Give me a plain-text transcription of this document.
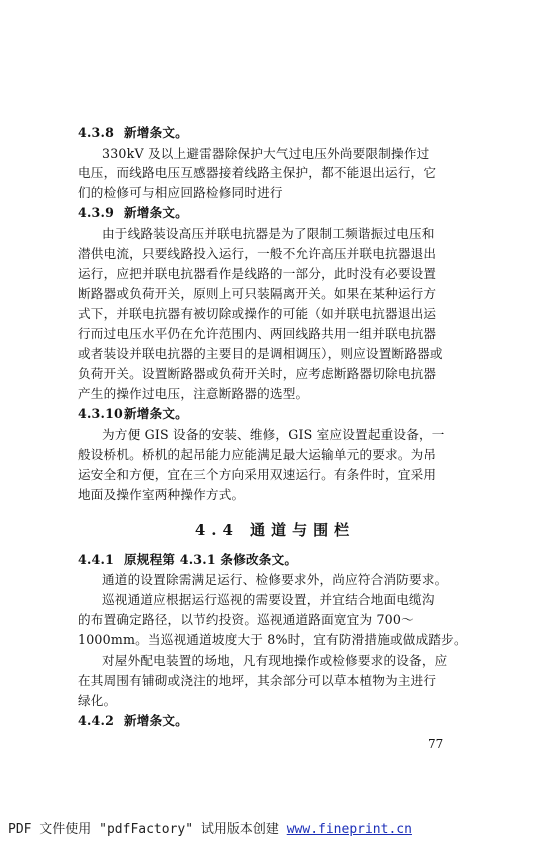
4.3.8 新增条文。
330kV 及以上避雷器除保护大气过电压外尚要限制操作过
电压，而线路电压互感器接着线路主保护，都不能退出运行，它
们的检修可与相应回路检修同时进行
4.3.9 新增条文。
由于线路装设高压并联电抗器是为了限制工频谐振过电压和
潜供电流，只要线路投入运行，一般不允许高压并联电抗器退出
运行，应把并联电抗器看作是线路的一部分，此时没有必要设置
断路器或负荷开关，原则上可只装隔离开关。如果在某种运行方
式下，并联电抗器有被切除或操作的可能（如并联电抗器退出运
行而过电压水平仍在允许范围内、两回线路共用一组并联电抗器
或者装设并联电抗器的主要目的是调相调压），则应设置断路器或
负荷开关。设置断路器或负荷开关时，应考虑断路器切除电抗器
产生的操作过电压，注意断路器的选型。
4.3.10新增条文。
为方便 GIS 设备的安装、维修，GIS 室应设置起重设备，一
般设桥机。桥机的起吊能力应能满足最大运输单元的要求。为吊
运安全和方便，宜在三个方向采用双速运行。有条件时，宜采用
地面及操作室两种操作方式。
4.4 通道与围栏
4.4.1 原规程第 4.3.1 条修改条文。
通道的设置除需满足运行、检修要求外，尚应符合消防要求。
巡视通道应根据运行巡视的需要设置，并宜结合地面电缆沟
的布置确定路径，以节约投资。巡视通道路面宽宜为 700～
1000mm。当巡视通道坡度大于 8%时，宜有防滑措施或做成踏步。
对屋外配电装置的场地，凡有现地操作或检修要求的设备，应
在其周围有铺砌或浇注的地坪，其余部分可以草本植物为主进行
绿化。
4.4.2 新增条文。
77
PDF 文件使用 "pdfFactory" 试用版本创建 www.fineprint.cn
